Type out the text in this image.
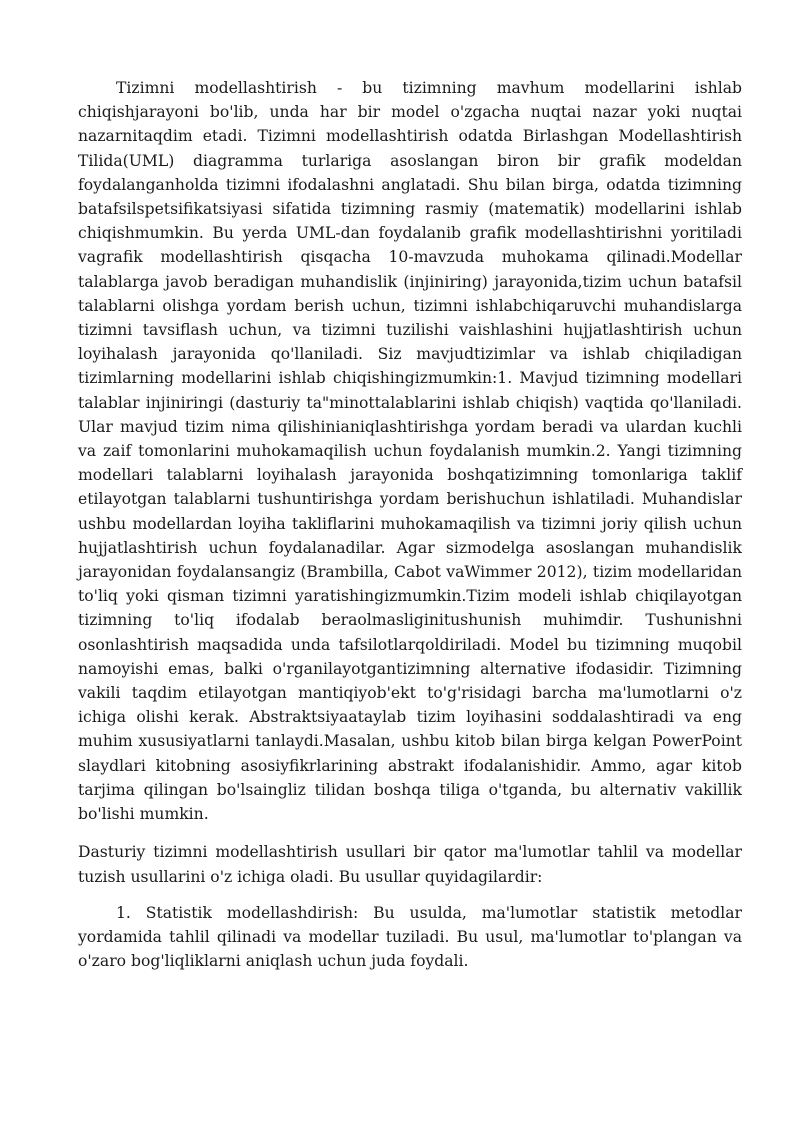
Tizimni modellashtirish - bu tizimning mavhum modellarini ishlab chiqishjarayoni bo'lib, unda har bir model o'zgacha nuqtai nazar yoki nuqtai nazarnitaqdim etadi. Tizimni modellashtirish odatda Birlashgan Modellashtirish Tilida(UML) diagramma turlariga asoslangan biron bir grafik modeldan foydalanganholda tizimni ifodalashni anglatadi. Shu bilan birga, odatda tizimning batafsilspetsifikatsiyasi sifatida tizimning rasmiy (matematik) modellarini ishlab chiqishmumkin. Bu yerda UML-dan foydalanib grafik modellashtirishni yoritiladi vagrafik modellashtirish qisqacha 10-mavzuda muhokama qilinadi.Modellar talablarga javob beradigan muhandislik (injiniring) jarayonida,tizim uchun batafsil talablarni olishga yordam berish uchun, tizimni ishlabchiqaruvchi muhandislarga tizimni tavsiflash uchun, va tizimni tuzilishi vaishlashini hujjatlashtirish uchun loyihalash jarayonida qo'llaniladi. Siz mavjudtizimlar va ishlab chiqiladigan tizimlarning modellarini ishlab chiqishingizmumkin:1. Mavjud tizimning modellari talablar injiniringi (dasturiy ta"minottalablarini ishlab chiqish) vaqtida qo'llaniladi. Ular mavjud tizim nima qilishinianiqlashtirishga yordam beradi va ulardan kuchli va zaif tomonlarini muhokamaqilish uchun foydalanish mumkin.2. Yangi tizimning modellari talablarni loyihalash jarayonida boshqatizimning tomonlariga taklif etilayotgan talablarni tushuntirishga yordam berishuchun ishlatiladi. Muhandislar ushbu modellardan loyiha takliflarini muhokamaqilish va tizimni joriy qilish uchun hujjatlashtirish uchun foydalanadilar. Agar sizmodelga asoslangan muhandislik jarayonidan foydalansangiz (Brambilla, Cabot vaWimmer 2012), tizim modellaridan to'liq yoki qisman tizimni yaratishingizmumkin.Tizim modeli ishlab chiqilayotgan tizimning to'liq ifodalab beraolmasliginitushunish muhimdir. Tushunishni osonlashtirish maqsadida unda tafsilotlarqoldiriladi. Model bu tizimning muqobil namoyishi emas, balki o'rganilayotgantizimning alternative ifodasidir. Tizimning vakili taqdim etilayotgan mantiqiyob'ekt to'g'risidagi barcha ma'lumotlarni o'z ichiga olishi kerak. Abstraktsiyaataylab tizim loyihasini soddalashtiradi va eng muhim xususiyatlarni tanlaydi.Masalan, ushbu kitob bilan birga kelgan PowerPoint slaydlari kitobning asosiyfikrlarining abstrakt ifodalanishidir. Ammo, agar kitob tarjima qilingan bo'lsaingliz tilidan boshqa tiliga o'tganda, bu alternativ vakillik bo'lishi mumkin.

Dasturiy tizimni modellashtirish usullari bir qator ma'lumotlar tahlil va modellar tuzish usullarini o'z ichiga oladi. Bu usullar quyidagilardir:

1. Statistik modellashdirish: Bu usulda, ma'lumotlar statistik metodlar yordamida tahlil qilinadi va modellar tuziladi. Bu usul, ma'lumotlar to'plangan va o'zaro bog'liqliklarni aniqlash uchun juda foydali.
